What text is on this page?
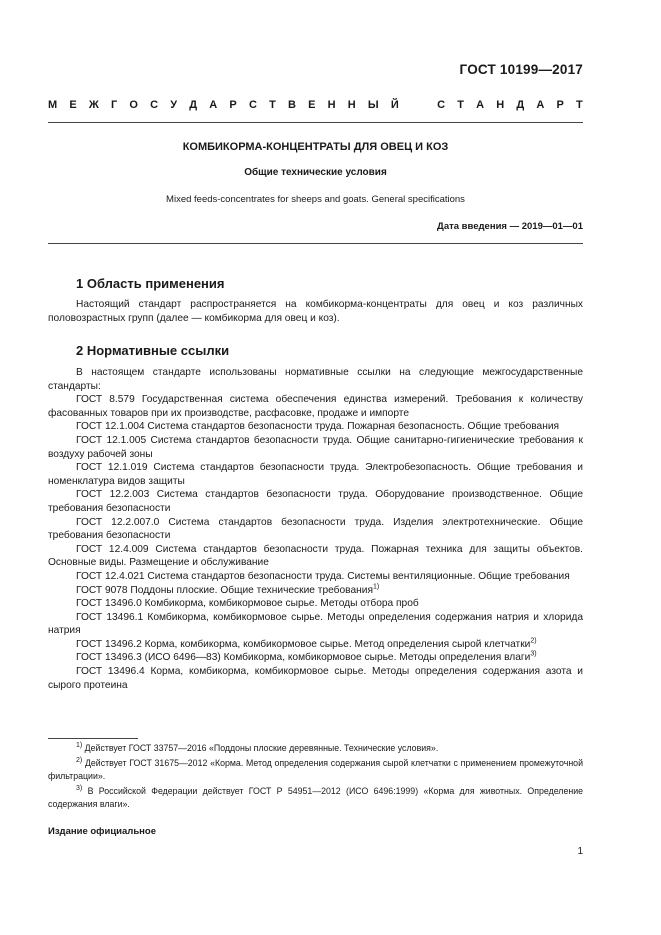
ГОСТ 10199—2017
М Е Ж Г О С У Д А Р С Т В Е Н Н Ы Й	С Т А Н Д А Р Т
КОМБИКОРМА-КОНЦЕНТРАТЫ ДЛЯ ОВЕЦ И КОЗ
Общие технические условия
Mixed feeds-concentrates for sheeps and goats. General specifications
Дата введения — 2019—01—01
1 Область применения

Настоящий стандарт распространяется на комбикорма-концентраты для овец и коз различных половозрастных групп (далее — комбикорма для овец и коз).

2 Нормативные ссылки

В настоящем стандарте использованы нормативные ссылки на следующие межгосударственные стандарты:

ГОСТ 8.579 Государственная система обеспечения единства измерений. Требования к количеству фасованных товаров при их производстве, расфасовке, продаже и импорте

ГОСТ 12.1.004 Система стандартов безопасности труда. Пожарная безопасность. Общие требования

ГОСТ 12.1.005 Система стандартов безопасности труда. Общие санитарно-гигиенические требования к воздуху рабочей зоны

ГОСТ 12.1.019 Система стандартов безопасности труда. Электробезопасность. Общие требования и номенклатура видов защиты

ГОСТ 12.2.003 Система стандартов безопасности труда. Оборудование производственное. Общие требования безопасности

ГОСТ 12.2.007.0 Система стандартов безопасности труда. Изделия электротехнические. Общие требования безопасности

ГОСТ 12.4.009 Система стандартов безопасности труда. Пожарная техника для защиты объектов. Основные виды. Размещение и обслуживание

ГОСТ 12.4.021 Система стандартов безопасности труда. Системы вентиляционные. Общие требования

ГОСТ 9078 Поддоны плоские. Общие технические требования$^{1)}$

ГОСТ 13496.0 Комбикорма, комбикормовое сырье. Методы отбора проб

ГОСТ 13496.1 Комбикорма, комбикормовое сырье. Методы определения содержания натрия и хлорида натрия

ГОСТ 13496.2 Корма, комбикорма, комбикормовое сырье. Метод определения сырой клетчатки$^{2)}$

ГОСТ 13496.3 (ИСО 6496—83) Комбикорма, комбикормовое сырье. Методы определения влаги$^{3)}$

ГОСТ 13496.4 Корма, комбикорма, комбикормовое сырье. Методы определения содержания азота и сырого протеина

$^{1)}$ Действует ГОСТ 33757—2016 «Поддоны плоские деревянные. Технические условия».

$^{2)}$ Действует ГОСТ 31675—2012 «Корма. Метод определения содержания сырой клетчатки с применением промежуточной фильтрации».

$^{3)}$ В Российской Федерации действует ГОСТ Р 54951—2012 (ИСО 6496:1999) «Корма для животных. Определение содержания влаги».

Издание официальное
1
